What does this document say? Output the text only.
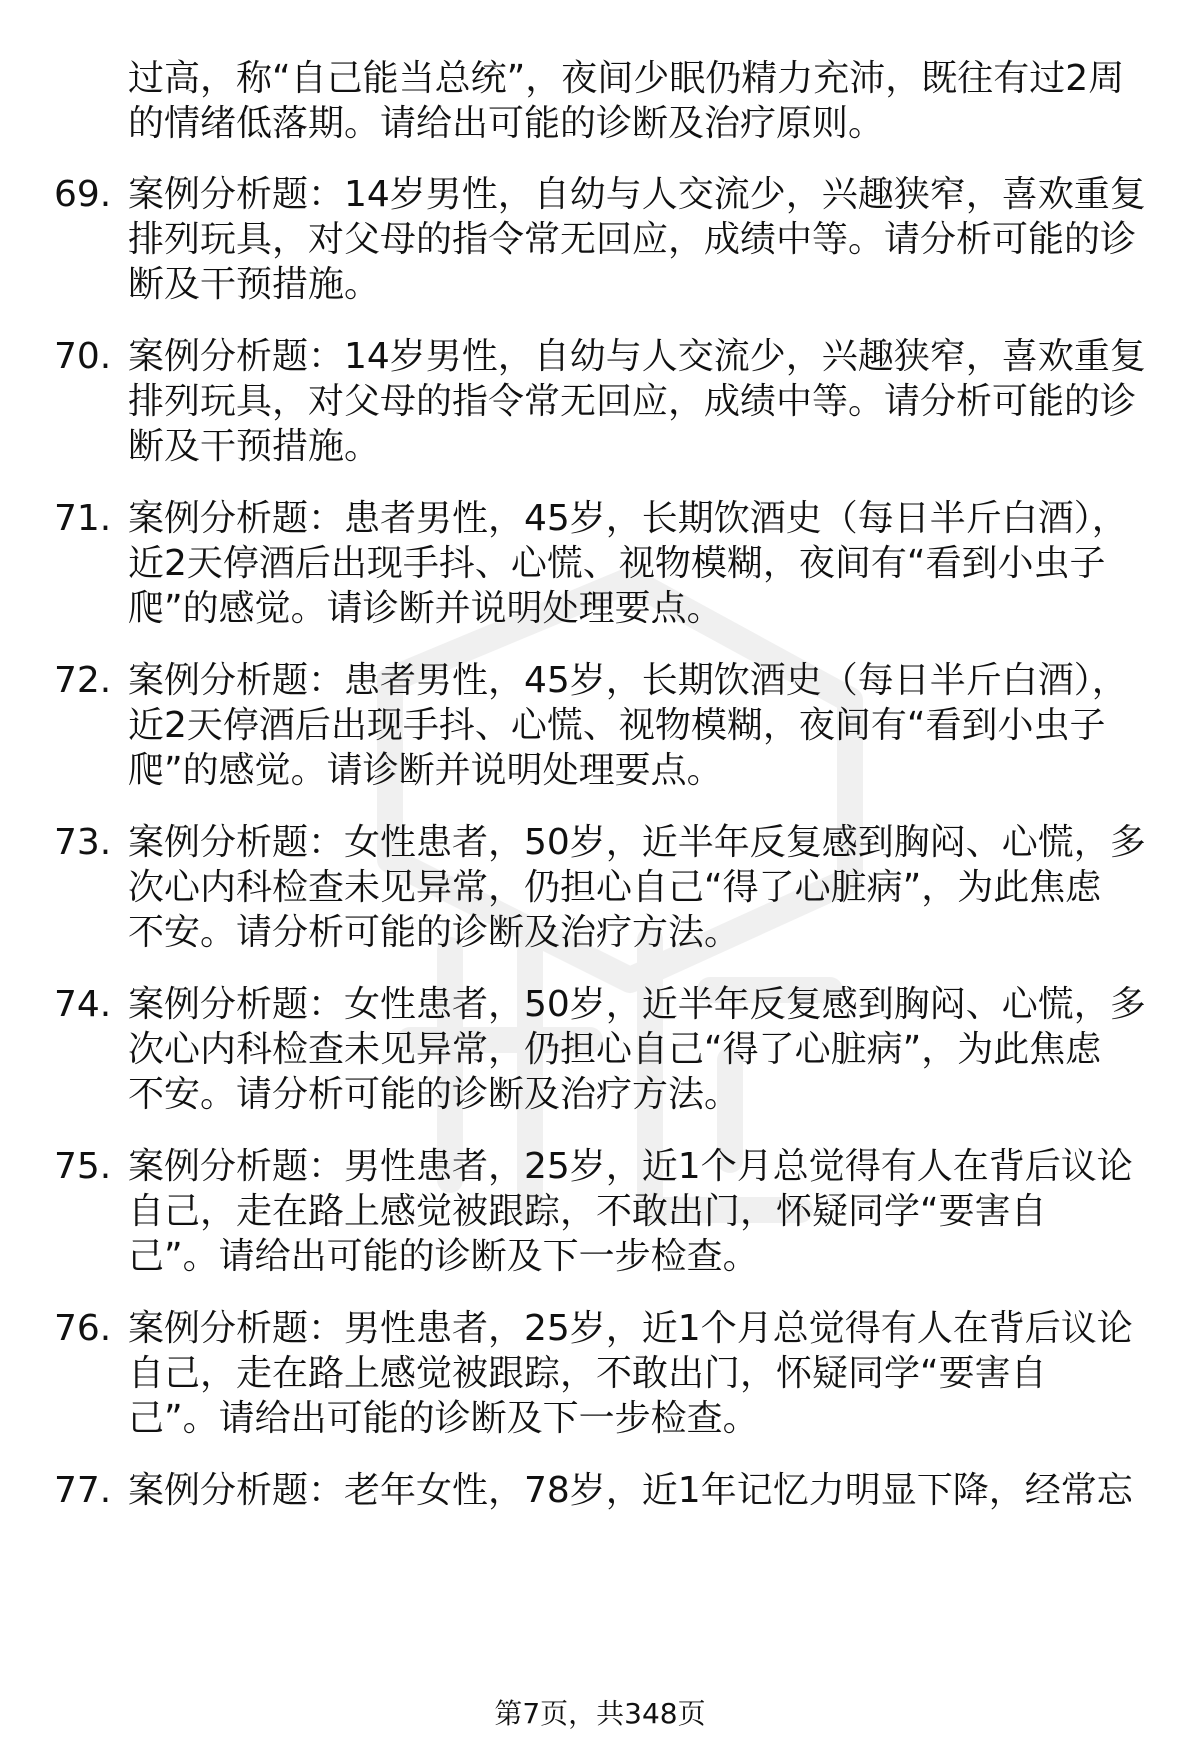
过高，称“自己能当总统”，夜间少眠仍精力充沛，既往有过2周
的情绪低落期。请给出可能的诊断及治疗原则。
69. 案例分析题：14岁男性，自幼与人交流少，兴趣狭窄，喜欢重复
排列玩具，对父母的指令常无回应，成绩中等。请分析可能的诊
断及干预措施。
70. 案例分析题：14岁男性，自幼与人交流少，兴趣狭窄，喜欢重复
排列玩具，对父母的指令常无回应，成绩中等。请分析可能的诊
断及干预措施。
71. 案例分析题：患者男性，45岁，长期饮酒史（每日半斤白酒），
近2天停酒后出现手抖、心慌、视物模糊，夜间有“看到小虫子
爬”的感觉。请诊断并说明处理要点。
72. 案例分析题：患者男性，45岁，长期饮酒史（每日半斤白酒），
近2天停酒后出现手抖、心慌、视物模糊，夜间有“看到小虫子
爬”的感觉。请诊断并说明处理要点。
73. 案例分析题：女性患者，50岁，近半年反复感到胸闷、心慌，多
次心内科检查未见异常，仍担心自己“得了心脏病”，为此焦虑
不安。请分析可能的诊断及治疗方法。
74. 案例分析题：女性患者，50岁，近半年反复感到胸闷、心慌，多
次心内科检查未见异常，仍担心自己“得了心脏病”，为此焦虑
不安。请分析可能的诊断及治疗方法。
75. 案例分析题：男性患者，25岁，近1个月总觉得有人在背后议论
自己，走在路上感觉被跟踪，不敢出门，怀疑同学“要害自
己”。请给出可能的诊断及下一步检查。
76. 案例分析题：男性患者，25岁，近1个月总觉得有人在背后议论
自己，走在路上感觉被跟踪，不敢出门，怀疑同学“要害自
己”。请给出可能的诊断及下一步检查。
77. 案例分析题：老年女性，78岁，近1年记忆力明显下降，经常忘
第7页，共348页
